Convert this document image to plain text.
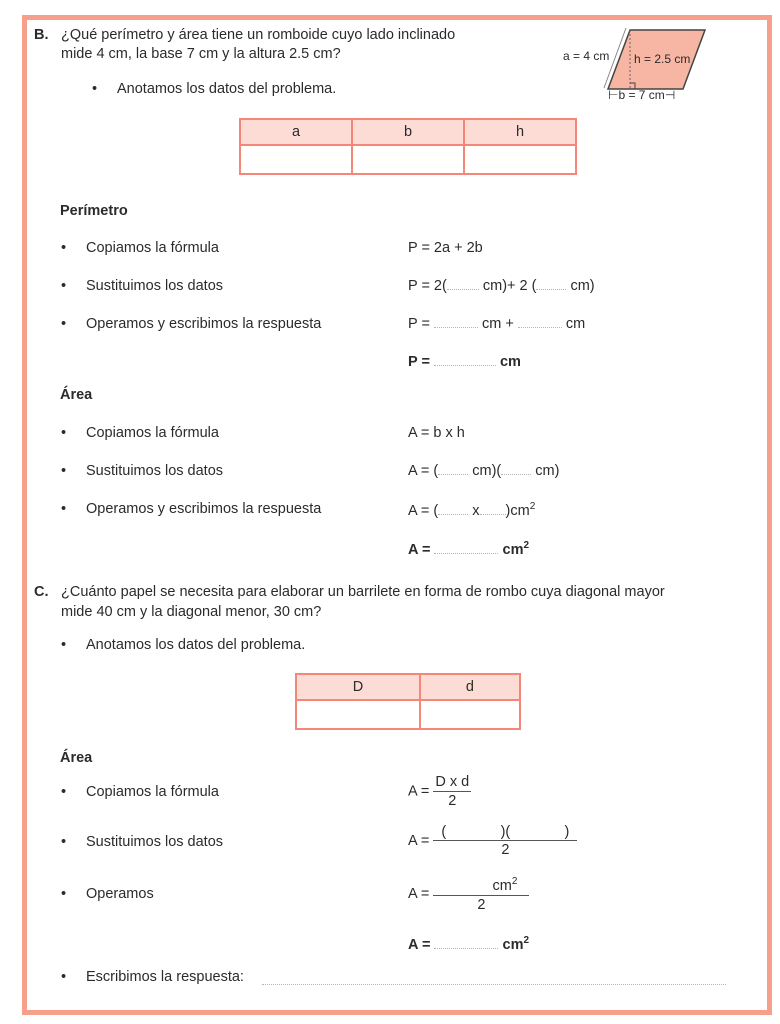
B. ¿Qué perímetro y área tiene un romboide cuyo lado inclinado
mide 4 cm, la base 7 cm y la altura 2.5 cm?
• Anotamos los datos del problema.
a = 4 cm h = 2.5 cm
⊢b = 7 cm⊣
a	b	h

Perímetro
• Copiamos la fórmula	P = 2a + 2b
• Sustituimos los datos	P = 2( cm)+ 2 ( cm)
• Operamos y escribimos la respuesta	P =	cm +	cm
P =	cm
Área
• Copiamos la fórmula	A = b x h
• Sustituimos los datos	A = ( cm)( cm)
• Operamos y escribimos la respuesta	A = ( x )$cm^2$
A =	$cm^2$
C. ¿Cuánto papel se necesita para elaborar un barrilete en forma de rombo cuya diagonal mayor
mide 40 cm y la diagonal menor, 30 cm?
• Anotamos los datos del problema.
D	d

Área
• Copiamos la fórmula	$A = \frac{\text{D x d}}{2}$
• Sustituimos los datos	A = (	)(	)
2
• Operamos	$A = \frac{cm^2}{2}$
A =	$cm^2$
• Escribimos la respuesta:
